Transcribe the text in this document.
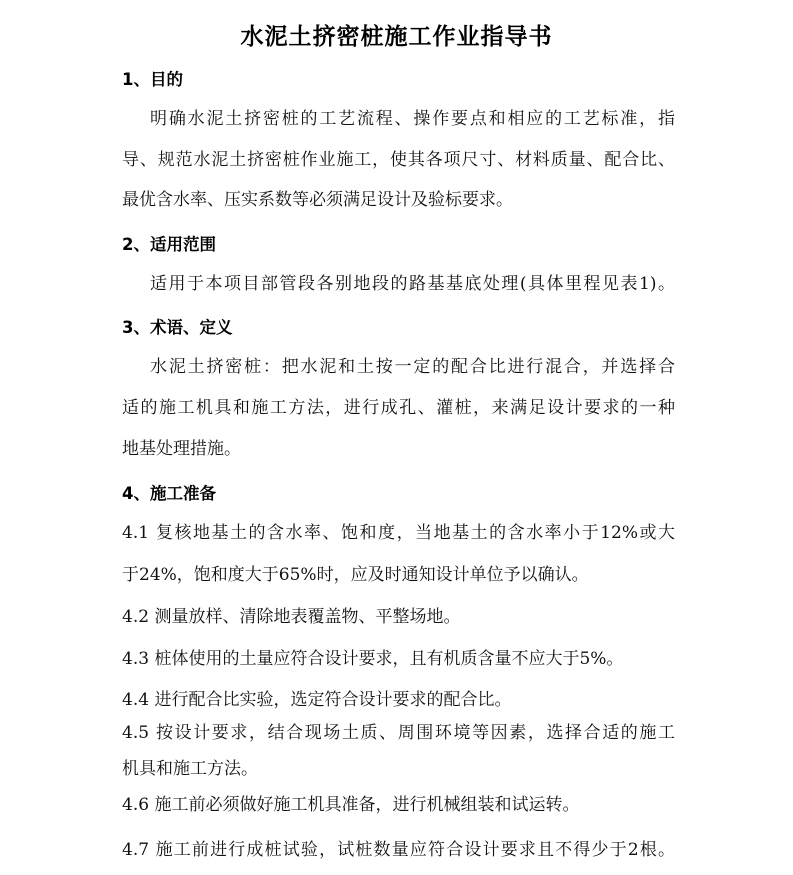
水泥土挤密桩施工作业指导书
1、目的
明确水泥土挤密桩的工艺流程、操作要点和相应的工艺标准，指
导、规范水泥土挤密桩作业施工，使其各项尺寸、材料质量、配合比、
最优含水率、压实系数等必须满足设计及验标要求。
2、适用范围
适用于本项目部管段各别地段的路基基底处理(具体里程见表1)。
3、术语、定义
水泥土挤密桩：把水泥和土按一定的配合比进行混合，并选择合
适的施工机具和施工方法，进行成孔、灌桩，来满足设计要求的一种
地基处理措施。
4、施工准备
4.1 复核地基土的含水率、饱和度，当地基土的含水率小于12%或大
于24%，饱和度大于65%时，应及时通知设计单位予以确认。
4.2 测量放样、清除地表覆盖物、平整场地。
4.3 桩体使用的土量应符合设计要求，且有机质含量不应大于5%。
4.4 进行配合比实验，选定符合设计要求的配合比。
4.5 按设计要求，结合现场土质、周围环境等因素，选择合适的施工
机具和施工方法。
4.6 施工前必须做好施工机具准备，进行机械组装和试运转。
4.7 施工前进行成桩试验，试桩数量应符合设计要求且不得少于2根。
